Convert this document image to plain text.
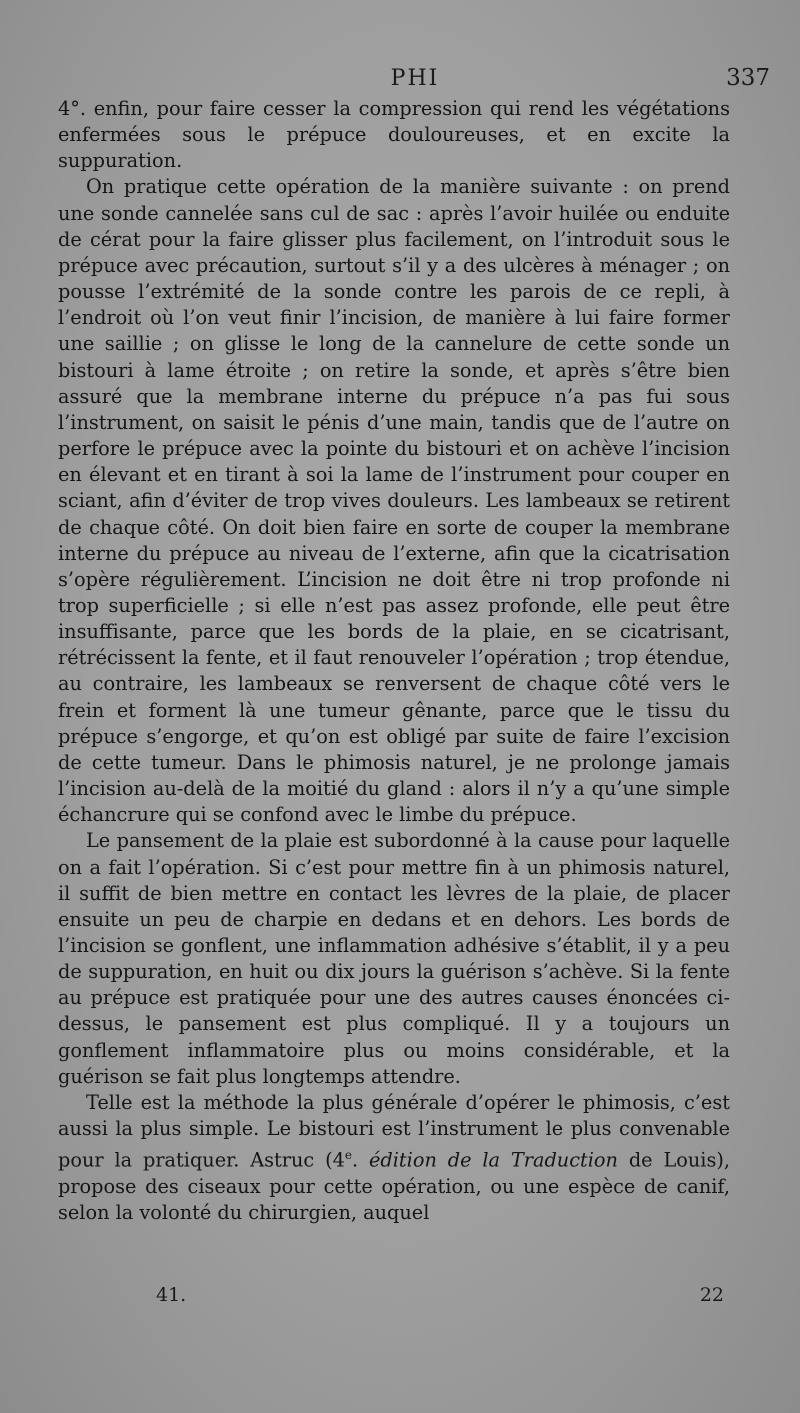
PHI	337

4°. enfin, pour faire cesser la compression qui rend les végétations enfermées sous le prépuce douloureuses, et en excite la suppuration.

On pratique cette opération de la manière suivante : on prend une sonde cannelée sans cul de sac : après l’avoir huilée ou enduite de cérat pour la faire glisser plus facilement, on l’introduit sous le prépuce avec précaution, surtout s’il y a des ulcères à ménager ; on pousse l’extrémité de la sonde contre les parois de ce repli, à l’endroit où l’on veut finir l’incision, de manière à lui faire former une saillie ; on glisse le long de la cannelure de cette sonde un bistouri à lame étroite ; on retire la sonde, et après s’être bien assuré que la membrane interne du prépuce n’a pas fui sous l’instrument, on saisit le pénis d’une main, tandis que de l’autre on perfore le prépuce avec la pointe du bistouri et on achève l’incision en élevant et en tirant à soi la lame de l’instrument pour couper en sciant, afin d’éviter de trop vives douleurs. Les lambeaux se retirent de chaque côté. On doit bien faire en sorte de couper la membrane interne du prépuce au niveau de l’externe, afin que la cicatrisation s’opère régulièrement. L’incision ne doit être ni trop profonde ni trop superficielle ; si elle n’est pas assez profonde, elle peut être insuffisante, parce que les bords de la plaie, en se cicatrisant, rétrécissent la fente, et il faut renouveler l’opération ; trop étendue, au contraire, les lambeaux se renversent de chaque côté vers le frein et forment là une tumeur gênante, parce que le tissu du prépuce s’engorge, et qu’on est obligé par suite de faire l’excision de cette tumeur. Dans le phimosis naturel, je ne prolonge jamais l’incision au-delà de la moitié du gland : alors il n’y a qu’une simple échancrure qui se confond avec le limbe du prépuce.

Le pansement de la plaie est subordonné à la cause pour laquelle on a fait l’opération. Si c’est pour mettre fin à un phimosis naturel, il suffit de bien mettre en contact les lèvres de la plaie, de placer ensuite un peu de charpie en dedans et en dehors. Les bords de l’incision se gonflent, une inflammation adhésive s’établit, il y a peu de suppuration, en huit ou dix jours la guérison s’achève. Si la fente au prépuce est pratiquée pour une des autres causes énoncées ci-dessus, le pansement est plus compliqué. Il y a toujours un gonflement inflammatoire plus ou moins considérable, et la guérison se fait plus longtemps attendre.

Telle est la méthode la plus générale d’opérer le phimosis, c’est aussi la plus simple. Le bistouri est l’instrument le plus convenable pour la pratiquer. Astruc (4e. édition de la Traduction de Louis), propose des ciseaux pour cette opération, ou une espèce de canif, selon la volonté du chirurgien, auquel

41.	22
